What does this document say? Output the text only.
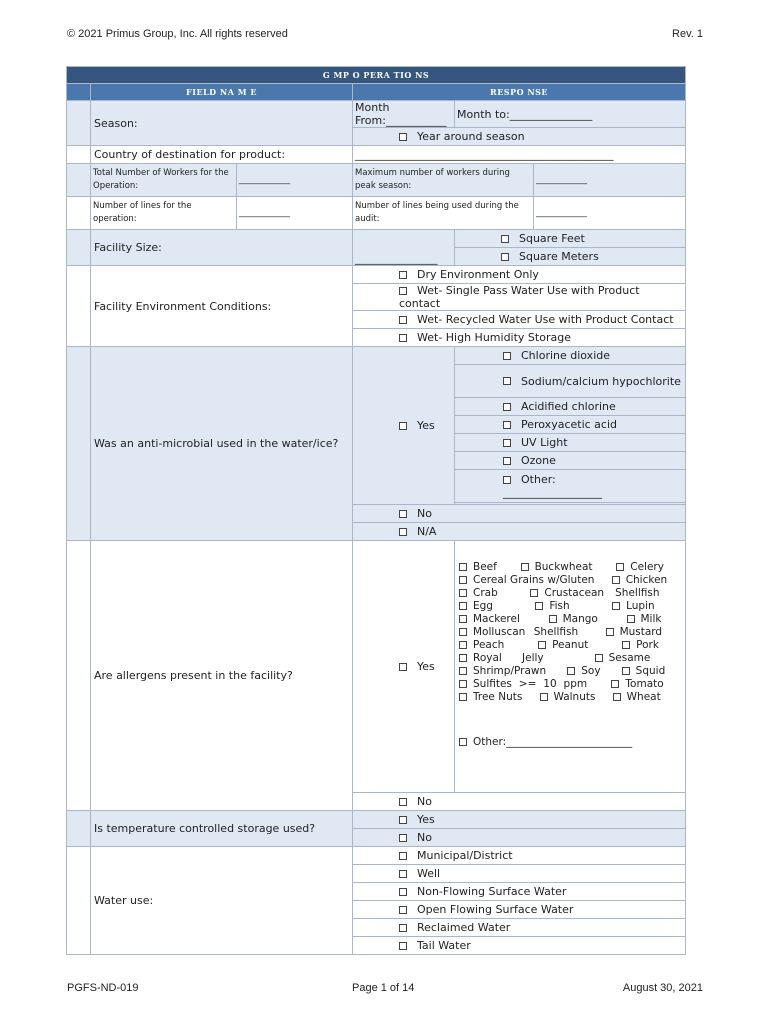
© 2021 Primus Group, Inc. All rights reserved	Rev. 1
G MP O PERA TIO NS					
	FIELD NA M E		RESPO NSE		
	Season:		Month From:___________	Month to:_______________	
			Year around season		
	Country of destination for product:		_______________________________________________		
	Total Number of Workers for the Operation:	____________	Maximum number of workers during peak season:		____________
	Number of lines for the operation:	____________	Number of lines being used during the audit:		____________
	Facility Size:		_______________	Square Feet	
				Square Meters	
	Facility Environment Conditions:		Dry Environment Only		
			Wet- Single Pass Water Use with Product contact		
			Wet- Recycled Water Use with Product Contact		
			Wet- High Humidity Storage		
	Was an anti-microbial used in the water/ice?		Yes	Chlorine dioxide	
				Sodium/calcium hypochlorite	
				Acidified chlorine	
				Peroxyacetic acid	
				UV Light	
				Ozone	
				Other:
__________________	

			No		
			N/A		
	Are allergens present in the facility?		Yes	Beef   Buckwheat   Celery   Cereal Grains w/Gluten   Chicken   Crab   Crustacean Shellfish   Egg   Fish   Lupin   Mackerel   Mango   Milk   Molluscan Shellfish   Mustard   Peach   Peanut   Pork   Royal Jelly   Sesame   Shrimp/Prawn   Soy   Squid   Sulfites >= 10 ppm   Tomato   Tree Nuts   Walnuts   Wheat  
Other:________________________	

			No		
	Is temperature controlled storage used?		Yes		
			No		
	Water use:		Municipal/District		
			Well		
			Non-Flowing Surface Water		
			Open Flowing Surface Water		
			Reclaimed Water		
			Tail Water		
PGFS-ND-019	Page 1 of 14	August 30, 2021
